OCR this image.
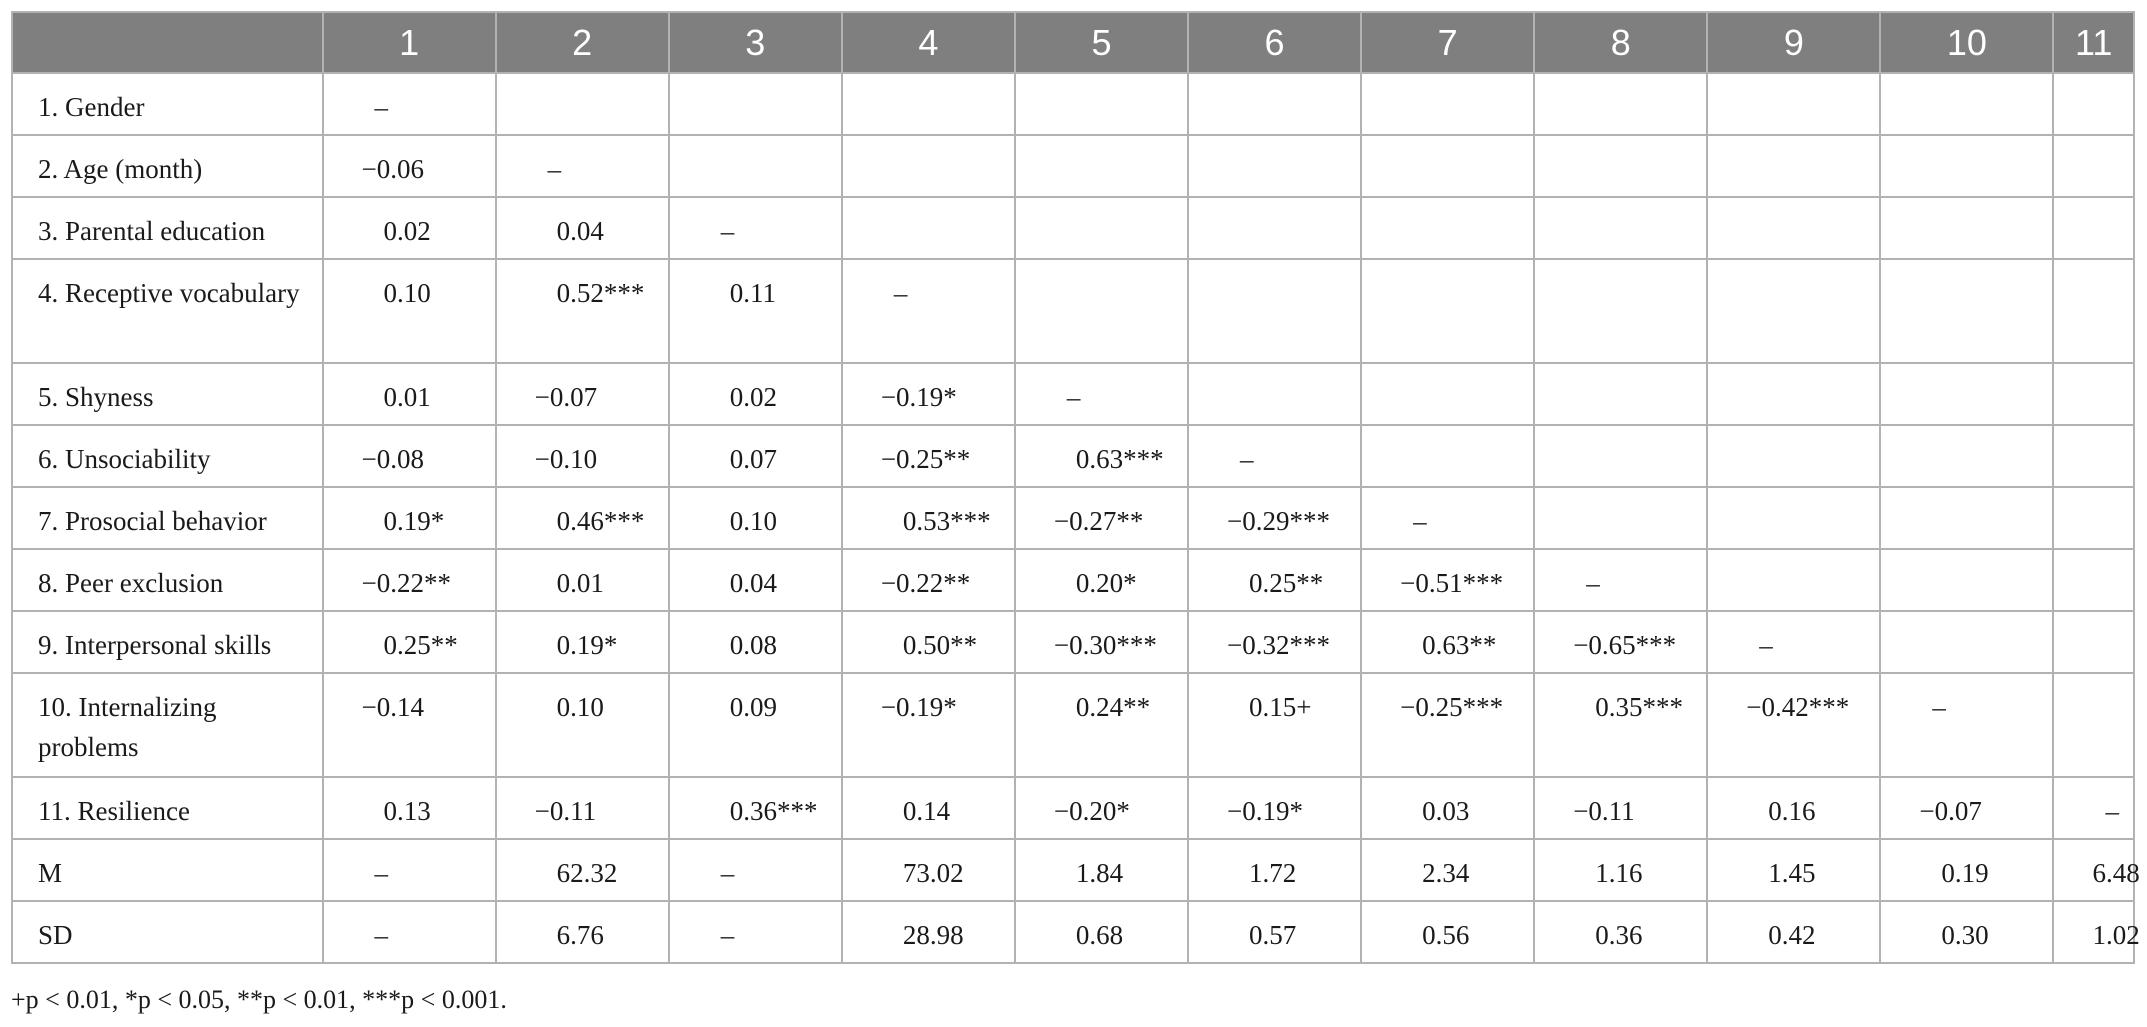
	1	2	3	4	5	6	7	8	9	10	11
1. Gender	–										
2. Age (month)	−0.06	–									
3. Parental education	0.02	0.04	–								
4. Receptive vocabulary	0.10	0.52***	0.11	–							
5. Shyness	0.01	−0.07	0.02	−0.19*	–						
6. Unsociability	−0.08	−0.10	0.07	−0.25**	0.63***	–					
7. Prosocial behavior	0.19*	0.46***	0.10	0.53***	−0.27**	−0.29***	–				
8. Peer exclusion	−0.22**	0.01	0.04	−0.22**	0.20*	0.25**	−0.51***	–			
9. Interpersonal skills	0.25**	0.19*	0.08	0.50**	−0.30***	−0.32***	0.63**	−0.65***	–		
10. Internalizing problems	−0.14	0.10	0.09	−0.19*	0.24**	0.15+	−0.25***	0.35***	−0.42***	–	
11. Resilience	0.13	−0.11	0.36***	0.14	−0.20*	−0.19*	0.03	−0.11	0.16	−0.07	–
M	–	62.32	–	73.02	1.84	1.72	2.34	1.16	1.45	0.19	6.48
SD	–	6.76	–	28.98	0.68	0.57	0.56	0.36	0.42	0.30	1.02
+p < 0.01, *p < 0.05, **p < 0.01, ***p < 0.001.
